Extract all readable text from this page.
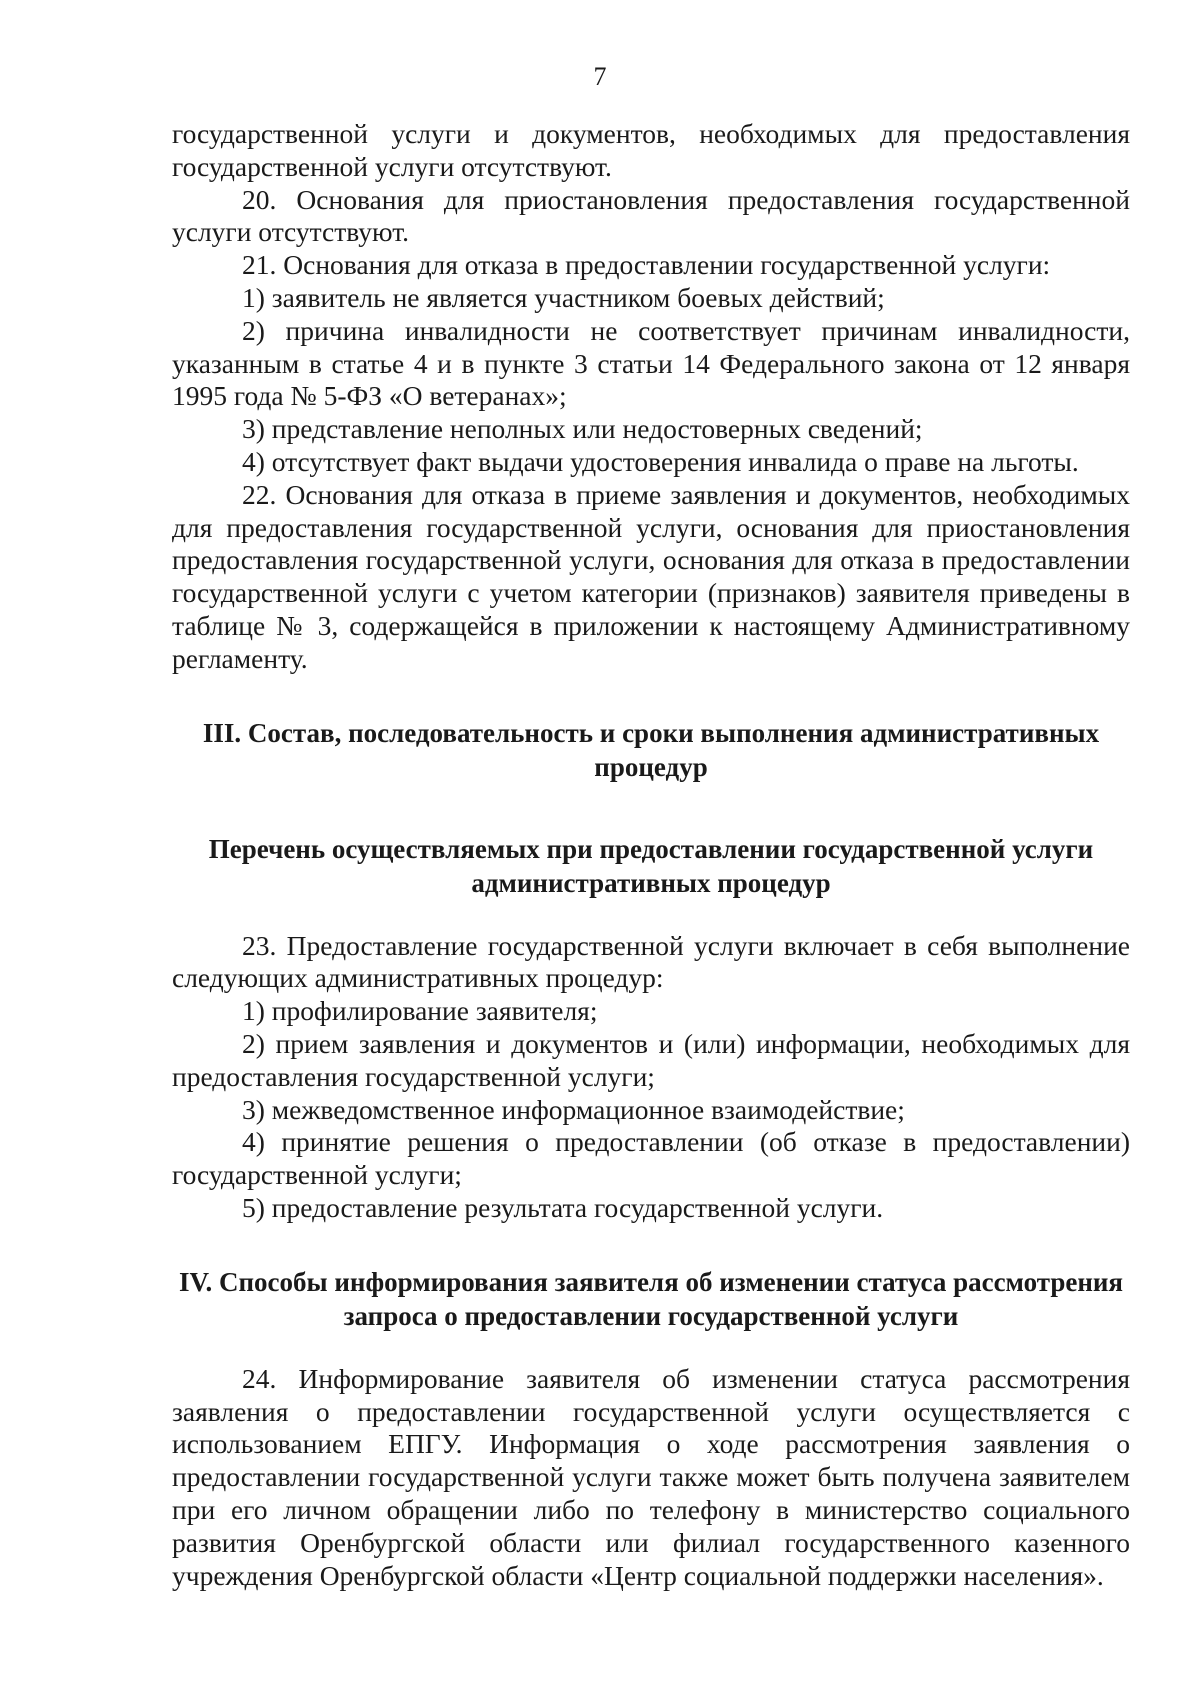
7

государственной услуги и документов, необходимых для предоставления государственной услуги отсутствуют.

20. Основания для приостановления предоставления государственной услуги отсутствуют.

21. Основания для отказа в предоставлении государственной услуги:

1) заявитель не является участником боевых действий;

2) причина инвалидности не соответствует причинам инвалидности, указанным в статье 4 и в пункте 3 статьи 14 Федерального закона от 12 января 1995 года № 5-ФЗ «О ветеранах»;

3) представление неполных или недостоверных сведений;

4) отсутствует факт выдачи удостоверения инвалида о праве на льготы.

22. Основания для отказа в приеме заявления и документов, необходимых для предоставления государственной услуги, основания для приостановления предоставления государственной услуги, основания для отказа в предоставлении государственной услуги с учетом категории (признаков) заявителя приведены в таблице № 3, содержащейся в приложении к настоящему Административному регламенту.

III. Состав, последовательность и сроки выполнения административных процедур
Перечень осуществляемых при предоставлении государственной услуги административных процедур

23. Предоставление государственной услуги включает в себя выполнение следующих административных процедур:

1) профилирование заявителя;

2) прием заявления и документов и (или) информации, необходимых для предоставления государственной услуги;

3) межведомственное информационное взаимодействие;

4) принятие решения о предоставлении (об отказе в предоставлении) государственной услуги;

5) предоставление результата государственной услуги.

IV. Способы информирования заявителя об изменении статуса рассмотрения запроса о предоставлении государственной услуги

24. Информирование заявителя об изменении статуса рассмотрения заявления о предоставлении государственной услуги осуществляется с использованием ЕПГУ. Информация о ходе рассмотрения заявления о предоставлении государственной услуги также может быть получена заявителем при его личном обращении либо по телефону в министерство социального развития Оренбургской области или филиал государственного казенного учреждения Оренбургской области «Центр социальной поддержки населения».
